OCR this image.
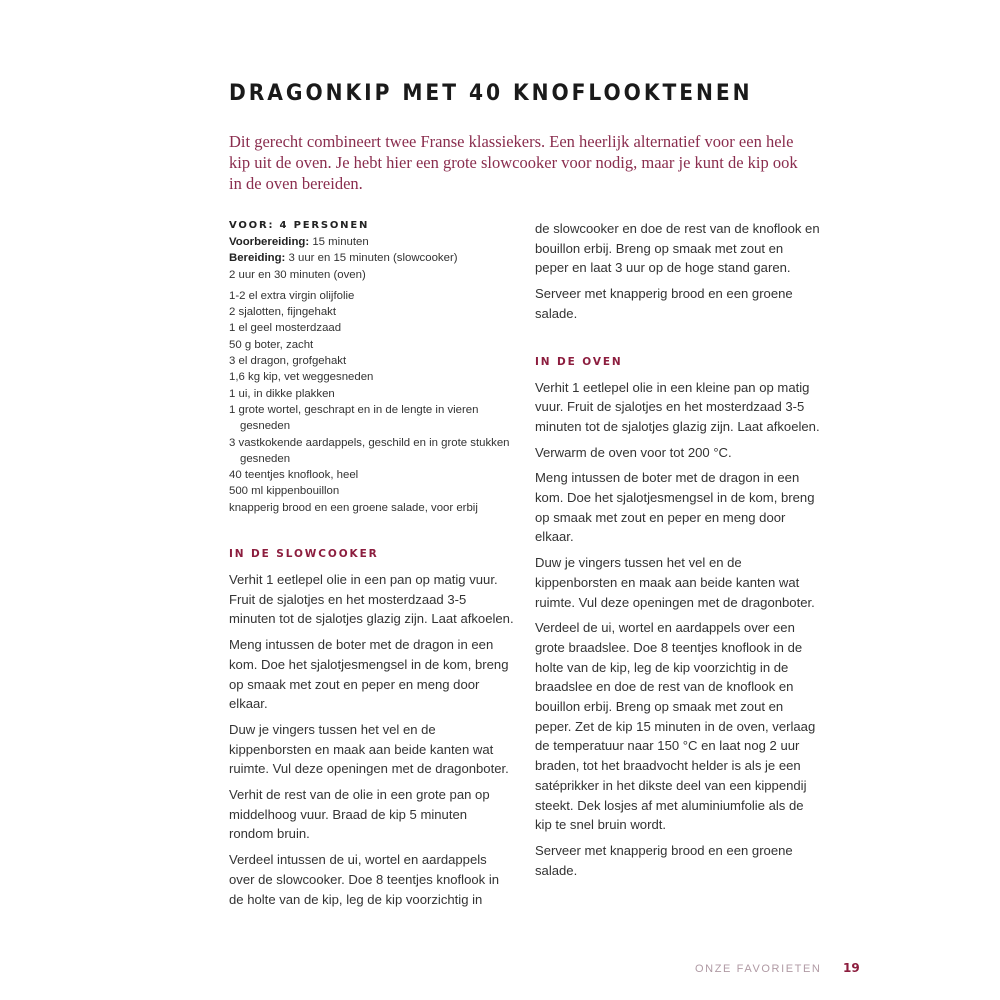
DRAGONKIP MET 40 KNOFLOOKTENEN

Dit gerecht combineert twee Franse klassiekers. Een heerlijk alternatief voor een hele kip uit de oven. Je hebt hier een grote slowcooker voor nodig, maar je kunt de kip ook in de oven bereiden.

VOOR: 4 PERSONEN
Voorbereiding: 15 minuten
Bereiding: 3 uur en 15 minuten (slowcooker)
2 uur en 30 minuten (oven)
1-2 el extra virgin olijfolie
2 sjalotten, fijngehakt
1 el geel mosterdzaad
50 g boter, zacht
3 el dragon, grofgehakt
1,6 kg kip, vet weggesneden
1 ui, in dikke plakken
1 grote wortel, geschrapt en in de lengte in vieren gesneden
3 vastkokende aardappels, geschild en in grote stukken gesneden
40 teentjes knoflook, heel
500 ml kippenbouillon
knapperig brood en een groene salade, voor erbij
IN DE SLOWCOOKER

Verhit 1 eetlepel olie in een pan op matig vuur. Fruit de sjalotjes en het mosterdzaad 3-5 minuten tot de sjalotjes glazig zijn. Laat afkoelen.

Meng intussen de boter met de dragon in een kom. Doe het sjalotjesmengsel in de kom, breng op smaak met zout en peper en meng door elkaar.

Duw je vingers tussen het vel en de kippenborsten en maak aan beide kanten wat ruimte. Vul deze openingen met de dragonboter.

Verhit de rest van de olie in een grote pan op middelhoog vuur. Braad de kip 5 minuten rondom bruin.

Verdeel intussen de ui, wortel en aardappels over de slowcooker. Doe 8 teentjes knoflook in de holte van de kip, leg de kip voorzichtig in

de slowcooker en doe de rest van de knoflook en bouillon erbij. Breng op smaak met zout en peper en laat 3 uur op de hoge stand garen.

Serveer met knapperig brood en een groene salade.

IN DE OVEN

Verhit 1 eetlepel olie in een kleine pan op matig vuur. Fruit de sjalotjes en het mosterdzaad 3-5 minuten tot de sjalotjes glazig zijn. Laat afkoelen.

Verwarm de oven voor tot 200 °C.

Meng intussen de boter met de dragon in een kom. Doe het sjalotjesmengsel in de kom, breng op smaak met zout en peper en meng door elkaar.

Duw je vingers tussen het vel en de kippenborsten en maak aan beide kanten wat ruimte. Vul deze openingen met de dragonboter.

Verdeel de ui, wortel en aardappels over een grote braadslee. Doe 8 teentjes knoflook in de holte van de kip, leg de kip voorzichtig in de braadslee en doe de rest van de knoflook en bouillon erbij. Breng op smaak met zout en peper. Zet de kip 15 minuten in de oven, verlaag de temperatuur naar 150 °C en laat nog 2 uur braden, tot het braadvocht helder is als je een satéprikker in het dikste deel van een kippendij steekt. Dek losjes af met aluminiumfolie als de kip te snel bruin wordt.

Serveer met knapperig brood en een groene salade.

ONZE FAVORIETEN 19
